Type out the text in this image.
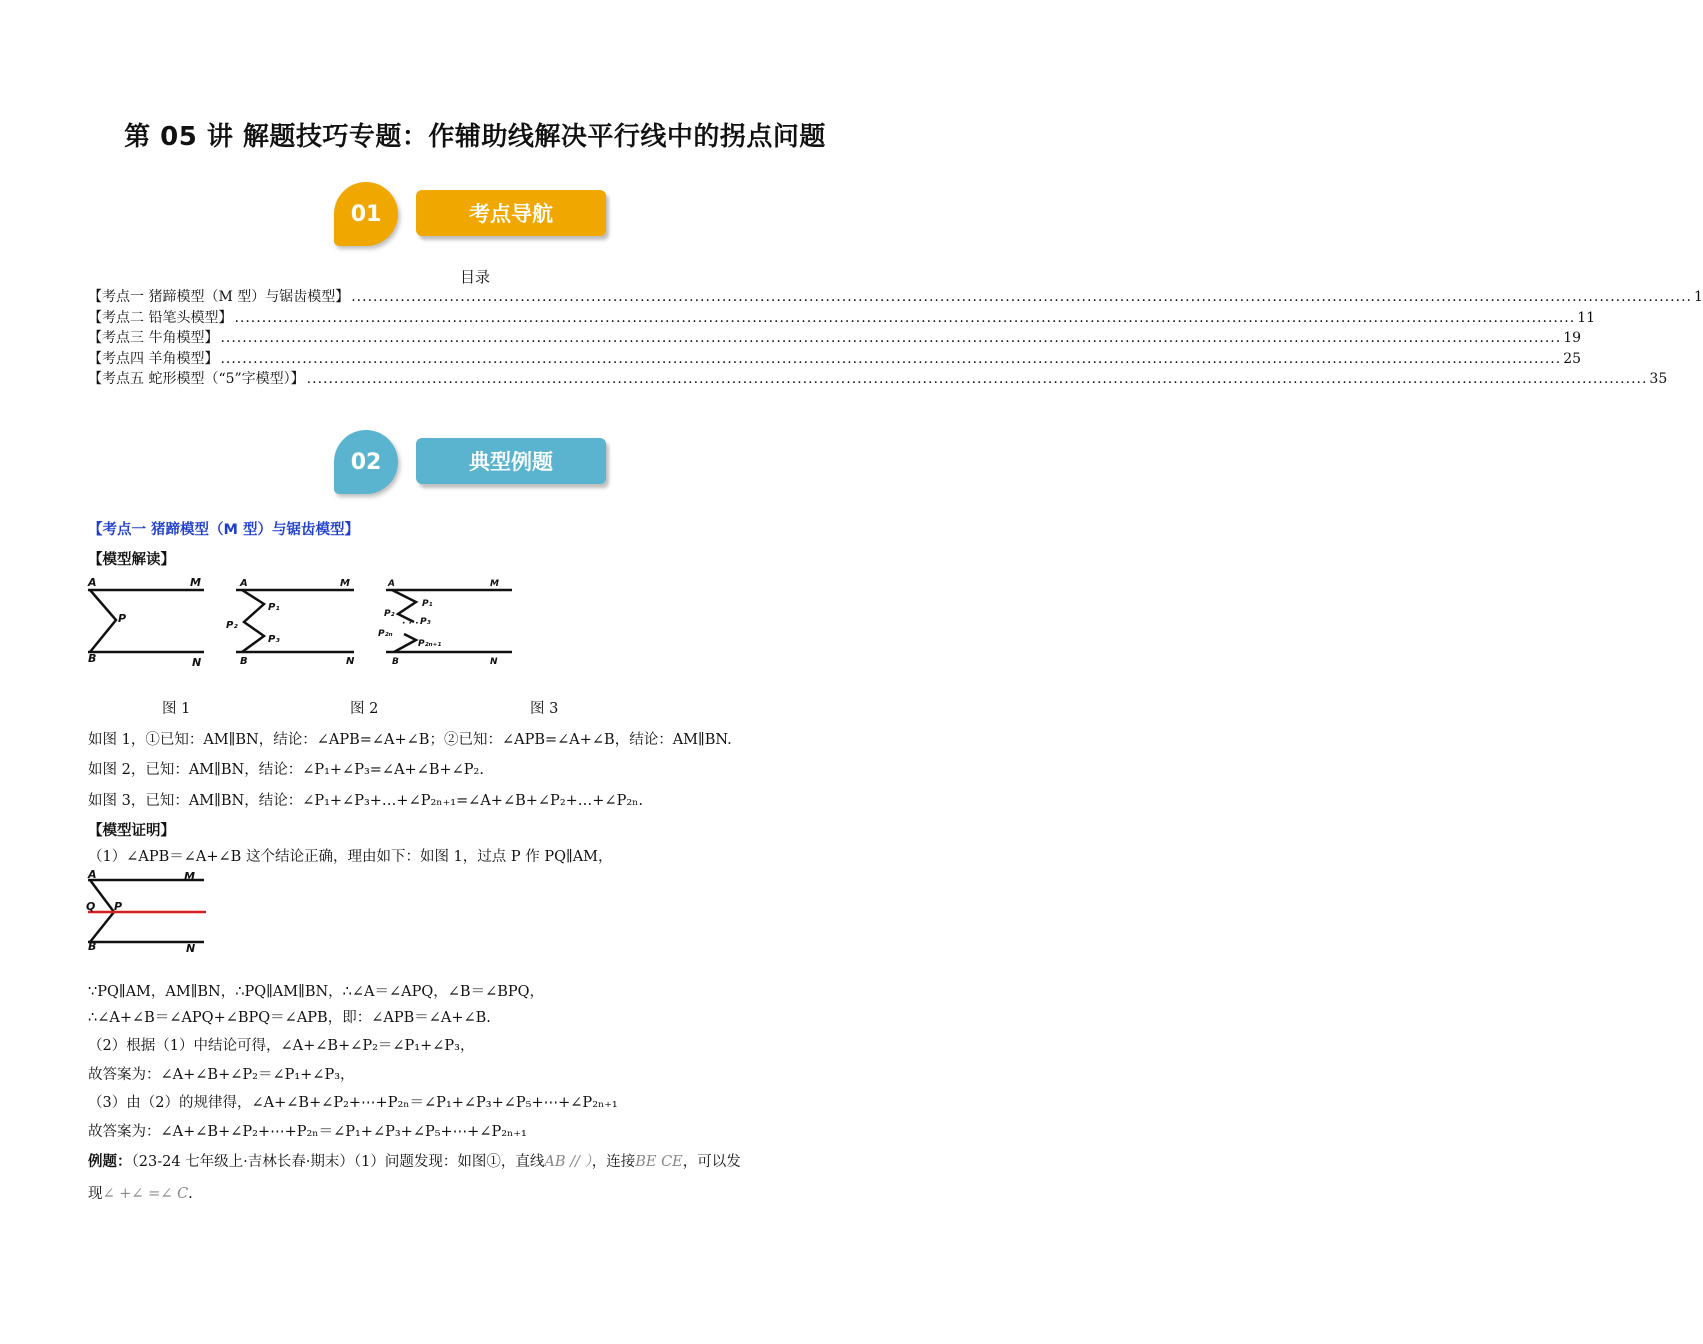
第 05 讲 解题技巧专题：作辅助线解决平行线中的拐点问题
01	考点导航
目录
【考点一 猪蹄模型（M 型）与锯齿模型】 ...................................................................................................................................................................................................................................................... 1
【考点二 铅笔头模型】 ...................................................................................................................................................................................................................................................... 11
【考点三 牛角模型】 ...................................................................................................................................................................................................................................................... 19
【考点四 羊角模型】 ...................................................................................................................................................................................................................................................... 25
【考点五 蛇形模型（“5”字模型）】 ...................................................................................................................................................................................................................................................... 35
02	典型例题
【考点一 猪蹄模型（M 型）与锯齿模型】
【模型解读】
A	M
P
B	N
A	M
P₁
P₂
P₃
B	N
A	M
P₁
P₂
· · · P₃
P₂ₙ
P₂ₙ₊₁
B	N
图 1	图 2	图 3
如图 1，①已知：AM∥BN，结论：∠APB=∠A+∠B；②已知：∠APB=∠A+∠B，结论：AM∥BN.
如图 2，已知：AM∥BN，结论：∠P₁+∠P₃=∠A+∠B+∠P₂.
如图 3，已知：AM∥BN，结论：∠P₁+∠P₃+…+∠P₂ₙ₊₁=∠A+∠B+∠P₂+…+∠P₂ₙ.
【模型证明】
（1）∠APB＝∠A+∠B 这个结论正确，理由如下：如图 1，过点 P 作 PQ∥AM，
A	M
Q P
B	N
∵PQ∥AM，AM∥BN，∴PQ∥AM∥BN，∴∠A＝∠APQ，∠B＝∠BPQ，
∴∠A+∠B＝∠APQ+∠BPQ＝∠APB，即：∠APB＝∠A+∠B.
（2）根据（1）中结论可得，∠A+∠B+∠P₂＝∠P₁+∠P₃，
故答案为：∠A+∠B+∠P₂＝∠P₁+∠P₃，
（3）由（2）的规律得，∠A+∠B+∠P₂+⋯+P₂ₙ＝∠P₁+∠P₃+∠P₅+⋯+∠P₂ₙ₊₁
故答案为：∠A+∠B+∠P₂+⋯+P₂ₙ＝∠P₁+∠P₃+∠P₅+⋯+∠P₂ₙ₊₁
例题：（23-24 七年级上·吉林长春·期末）（1）问题发现：如图①，直线AB // ），连接BE CE，可以发
现∠ +∠ =∠ C.
